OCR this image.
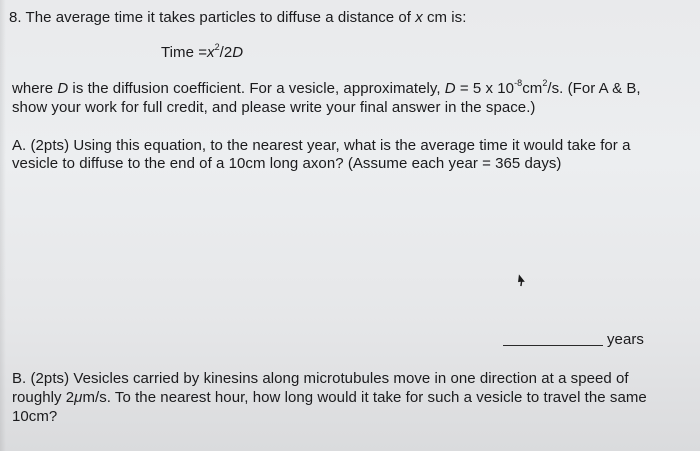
8. The average time it takes particles to diffuse a distance of x cm is:
Time $=x^2/2D$
where D is the diffusion coefficient. For a vesicle, approximately, D = 5 x $10^{-8}cm^2/s$. (For A & B,
show your work for full credit, and please write your final answer in the space.)
A. (2pts) Using this equation, to the nearest year, what is the average time it would take for a
vesicle to diffuse to the end of a 10cm long axon? (Assume each year = 365 days)
years
B. (2pts) Vesicles carried by kinesins along microtubules move in one direction at a speed of
roughly 2μm/s. To the nearest hour, how long would it take for such a vesicle to travel the same
10cm?
